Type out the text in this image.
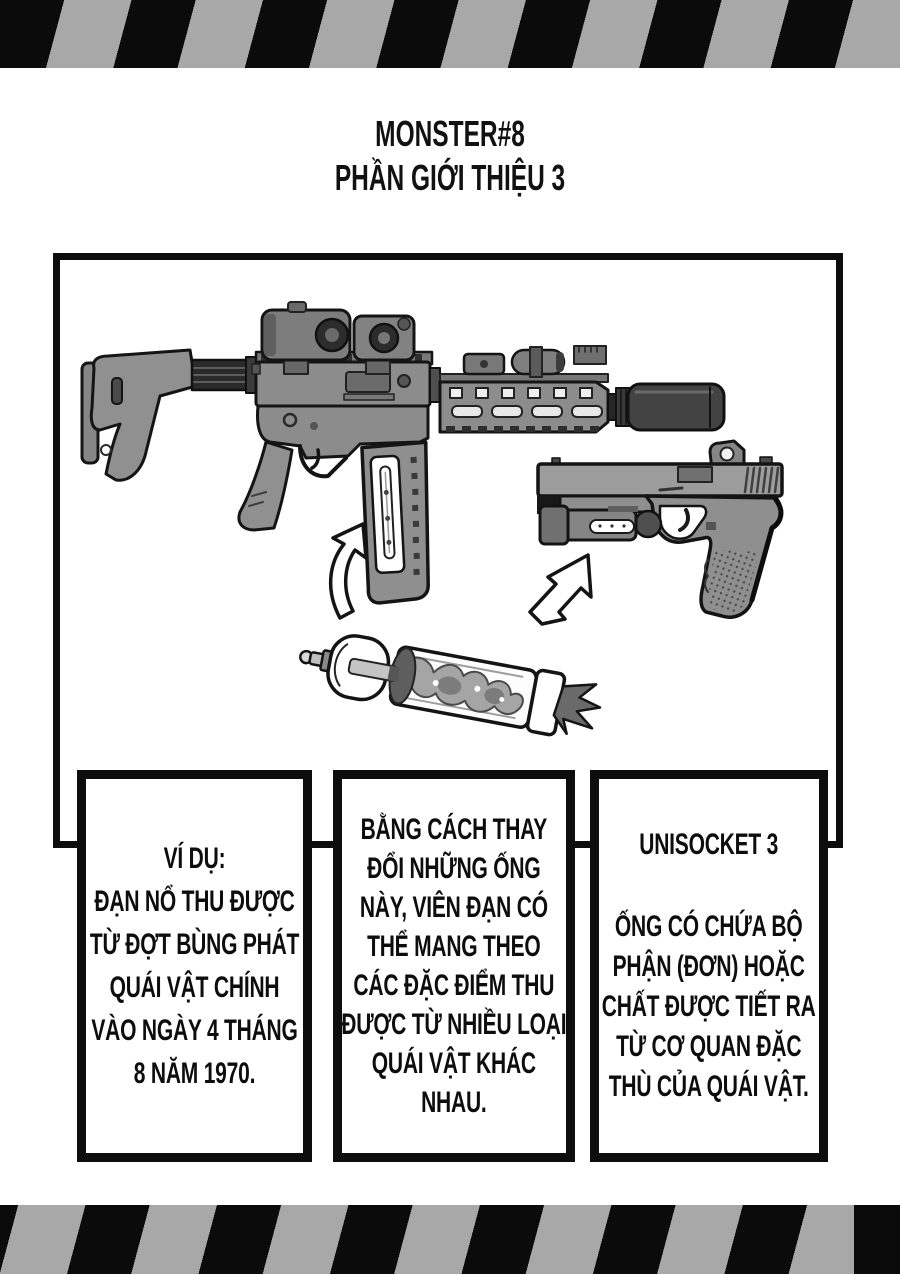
MONSTER#8
PHẦN GIỚI THIỆU 3
VÍ DỤ:
ĐẠN NỔ THU ĐƯỢC
TỪ ĐỢT BÙNG PHÁT
QUÁI VẬT CHÍNH
VÀO NGÀY 4 THÁNG
8 NĂM 1970.
BẰNG CÁCH THAY
ĐỔI NHỮNG ỐNG
NÀY, VIÊN ĐẠN CÓ
THỂ MANG THEO
CÁC ĐẶC ĐIỂM THU
ĐƯỢC TỪ NHIỀU LOẠI
QUÁI VẬT KHÁC
NHAU.
UNISOCKET 3
ỐNG CÓ CHỨA BỘ
PHẬN (ĐƠN) HOẶC
CHẤT ĐƯỢC TIẾT RA
TỪ CƠ QUAN ĐẶC
THÙ CỦA QUÁI VẬT.
